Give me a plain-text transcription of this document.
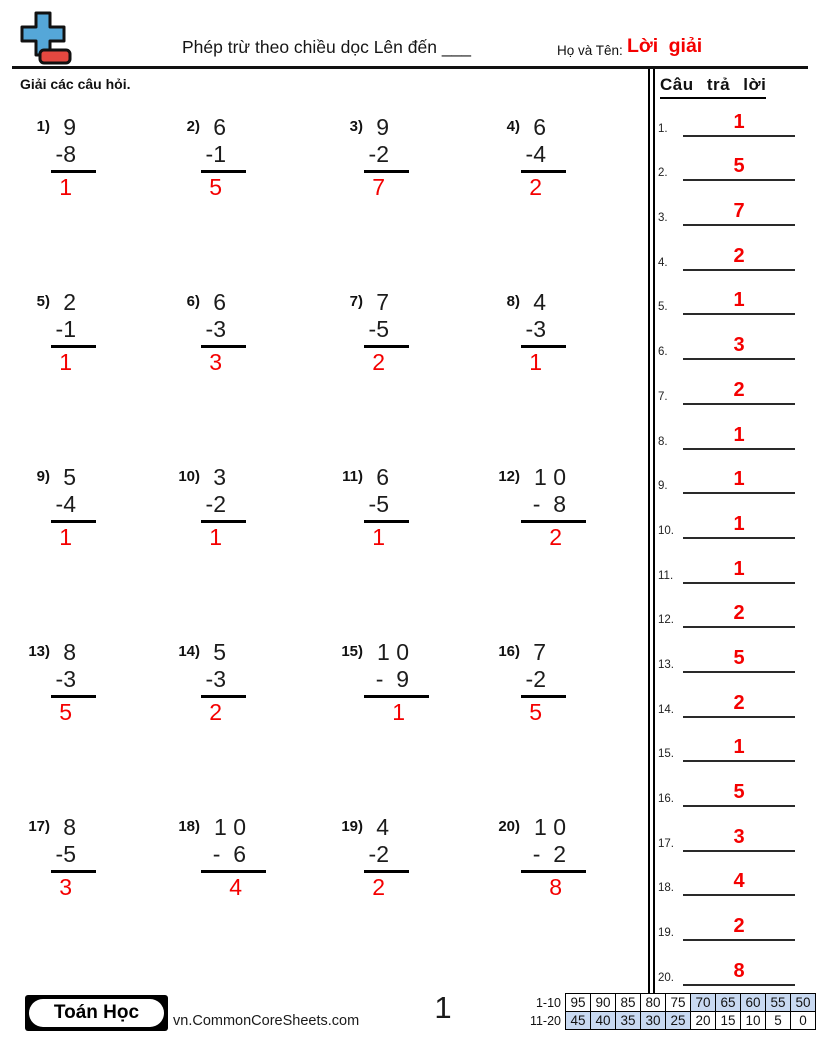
Phép trừ theo chiều dọc Lên đến ___	Họ và Tên: Lời giải
Giải các câu hỏi.
1) 9
-8
1
2) 6
-1
5
3) 9
-2
7
4) 6
-4
2
5) 2
-1
1
6) 6
-3
3
7) 7
-5
2
8) 4
-3
1
9) 5
-4
1
10) 3
-2
1
11) 6
-5
1
12) 1 0
-  8
2
13) 8
-3
5
14) 5
-3
2
15) 1 0
-  9
1
16) 7
-2
5
17) 8
-5
3
18) 1 0
-  6
4
19) 4
-2
2
20) 1 0
-  2
8
Câu trả lời
1.	1
2.	5
3.	7
4.	2
5.	1
6.	3
7.	2
8.	1
9.	1
10.	1
11.	1
12.	2
13.	5
14.	2
15.	1
16.	5
17.	3
18.	4
19.	2
20.	8
Toán Học	vn.CommonCoreSheets.com	1	1-10	95	90	85	80	75	70	65	60	55	50
11-20	45	40	35	30	25	20	15	10	5	0
